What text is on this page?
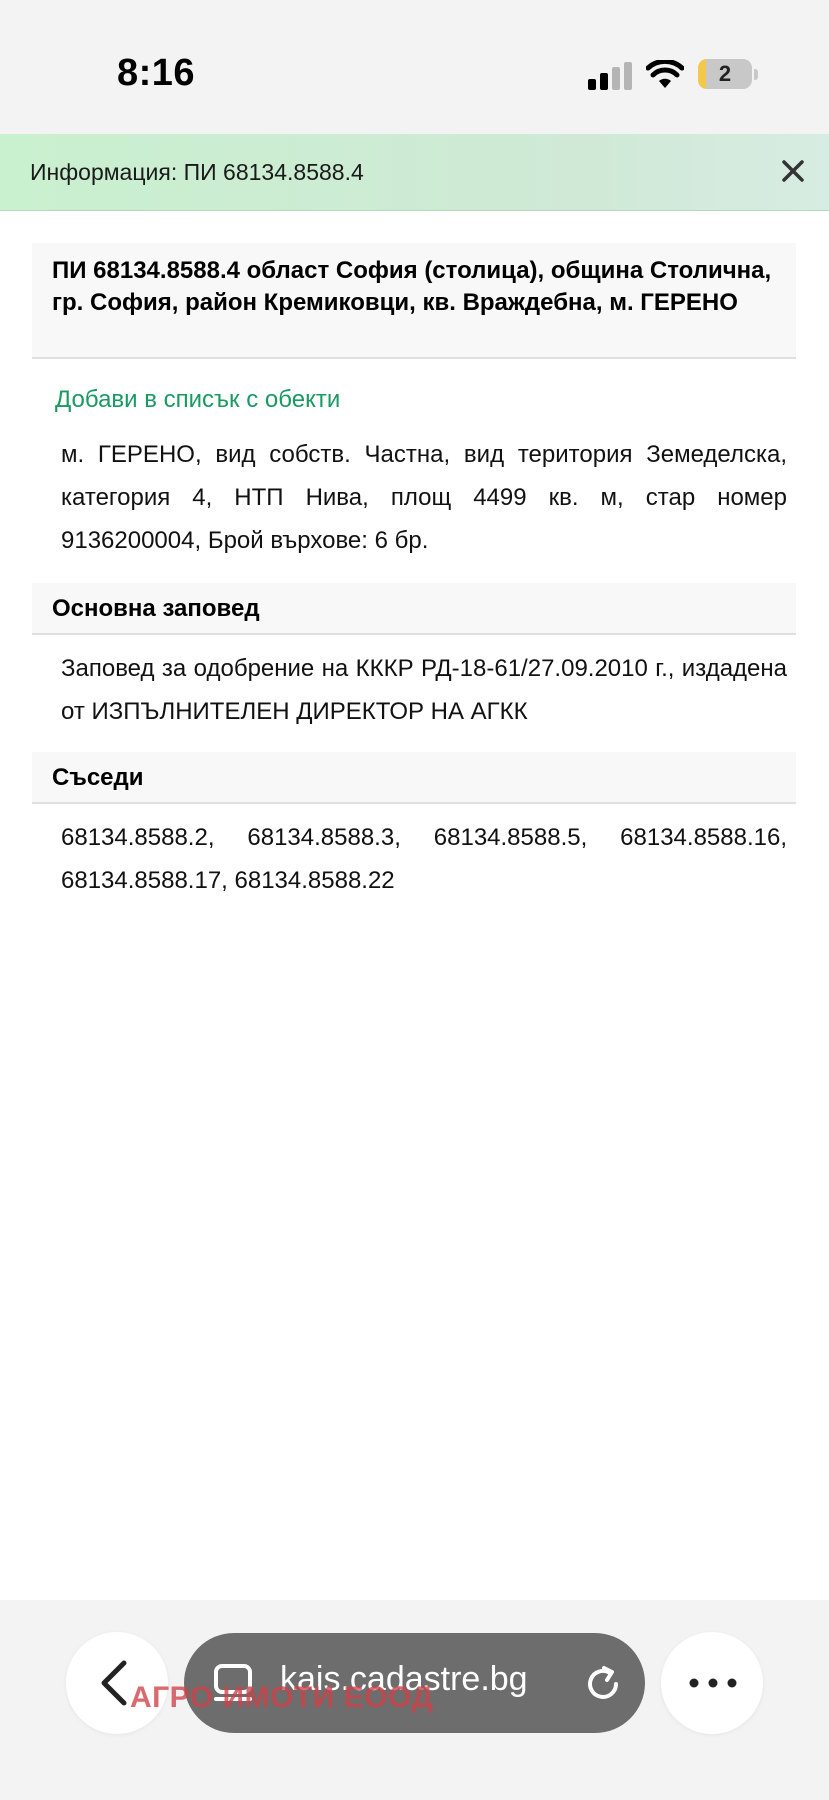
8:16	2
Информация: ПИ 68134.8588.4
ПИ 68134.8588.4 област София (столица), община Столична, гр. София, район Кремиковци, кв. Враждебна, м. ГЕРЕНО
Добави в списък с обекти
м. ГЕРЕНО, вид собств. Частна, вид територия Земеделска, категория 4, НТП Нива, площ 4499 кв. м, стар номер 9136200004, Брой върхове: 6 бр.
Основна заповед
Заповед за одобрение на КККР РД-18-61/27.09.2010 г., издадена от ИЗПЪЛНИТЕЛЕН ДИРЕКТОР НА АГКК
Съседи
68134.8588.2, 68134.8588.3, 68134.8588.5, 68134.8588.16, 68134.8588.17, 68134.8588.22
kais.cadastre.bg
АГРО ИМОТИ ЕООД
